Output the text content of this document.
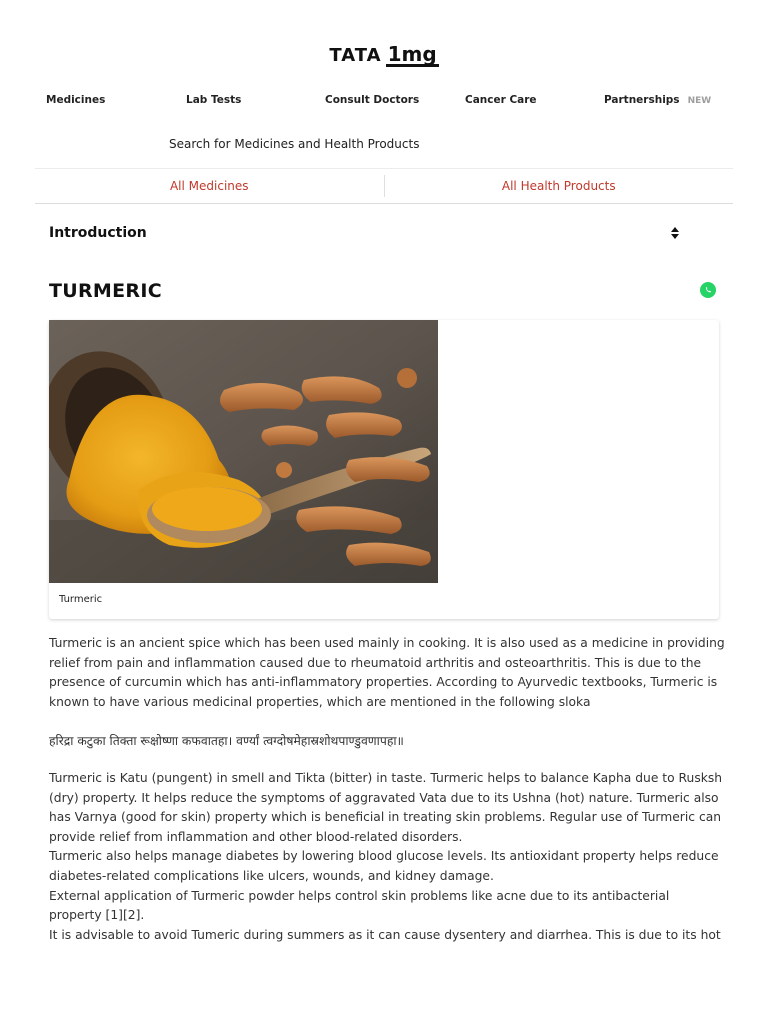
TATA 1mg
Medicines	Lab Tests	Consult Doctors	Cancer Care	Partnerships NEW
Search for Medicines and Health Products
All Medicines	All Health Products
Introduction
TURMERIC
Turmeric

Turmeric is an ancient spice which has been used mainly in cooking. It is also used as a medicine in providing relief from pain and inflammation caused due to rheumatoid arthritis and osteoarthritis. This is due to the presence of curcumin which has anti-inflammatory properties. According to Ayurvedic textbooks, Turmeric is known to have various medicinal properties, which are mentioned in the following sloka

हरिद्रा कटुका तिक्ता रूक्षोष्णा कफवातहा। वर्ण्यां त्वग्दोषमेहास्रशोथपाण्डुवणापहा॥

Turmeric is Katu (pungent) in smell and Tikta (bitter) in taste. Turmeric helps to balance Kapha due to Rusksh (dry) property. It helps reduce the symptoms of aggravated Vata due to its Ushna (hot) nature. Turmeric also has Varnya (good for skin) property which is beneficial in treating skin problems. Regular use of Turmeric can provide relief from inflammation and other blood-related disorders.

Turmeric also helps manage diabetes by lowering blood glucose levels. Its antioxidant property helps reduce diabetes-related complications like ulcers, wounds, and kidney damage.

External application of Turmeric powder helps control skin problems like acne due to its antibacterial property [1][2].

It is advisable to avoid Tumeric during summers as it can cause dysentery and diarrhea. This is due to its hot
